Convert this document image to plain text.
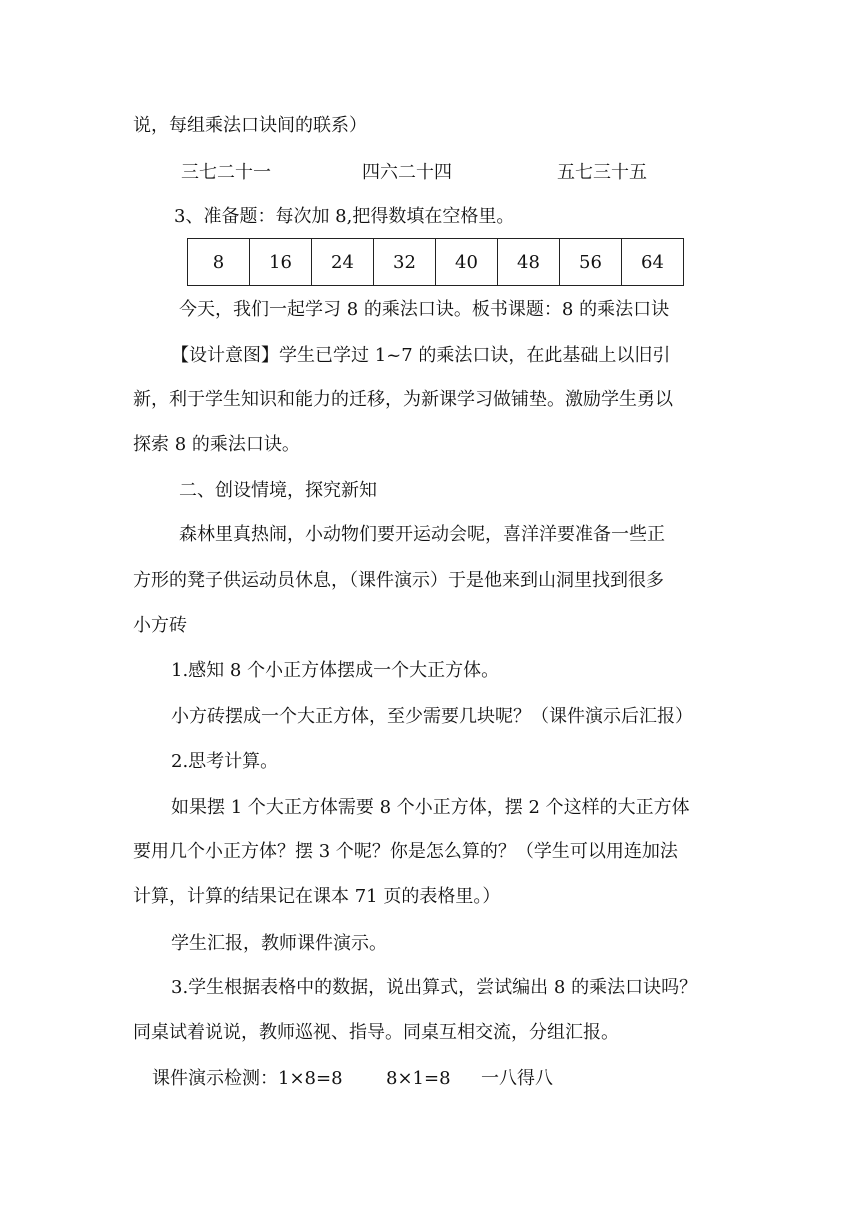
说，每组乘法口诀间的联系）
三七二十一	四六二十四	五七三十五
3、准备题：每次加 8,把得数填在空格里。
8	16	24	32	40	48	56	64
今天，我们一起学习 8 的乘法口诀。板书课题：8 的乘法口诀
【设计意图】学生已学过 1~7 的乘法口诀，在此基础上以旧引
新，利于学生知识和能力的迁移，为新课学习做铺垫。激励学生勇以
探索 8 的乘法口诀。
二、创设情境，探究新知
森林里真热闹，小动物们要开运动会呢，喜洋洋要准备一些正
方形的凳子供运动员休息，（课件演示）于是他来到山洞里找到很多
小方砖
1.感知 8 个小正方体摆成一个大正方体。
小方砖摆成一个大正方体，至少需要几块呢？（课件演示后汇报）
2.思考计算。
如果摆 1 个大正方体需要 8 个小正方体，摆 2 个这样的大正方体
要用几个小正方体？摆 3 个呢？你是怎么算的？（学生可以用连加法
计算，计算的结果记在课本 71 页的表格里。）
学生汇报，教师课件演示。
3.学生根据表格中的数据，说出算式，尝试编出 8 的乘法口诀吗？
同桌试着说说，教师巡视、指导。同桌互相交流，分组汇报。
课件演示检测：1×8=8 8×1=8 一八得八
